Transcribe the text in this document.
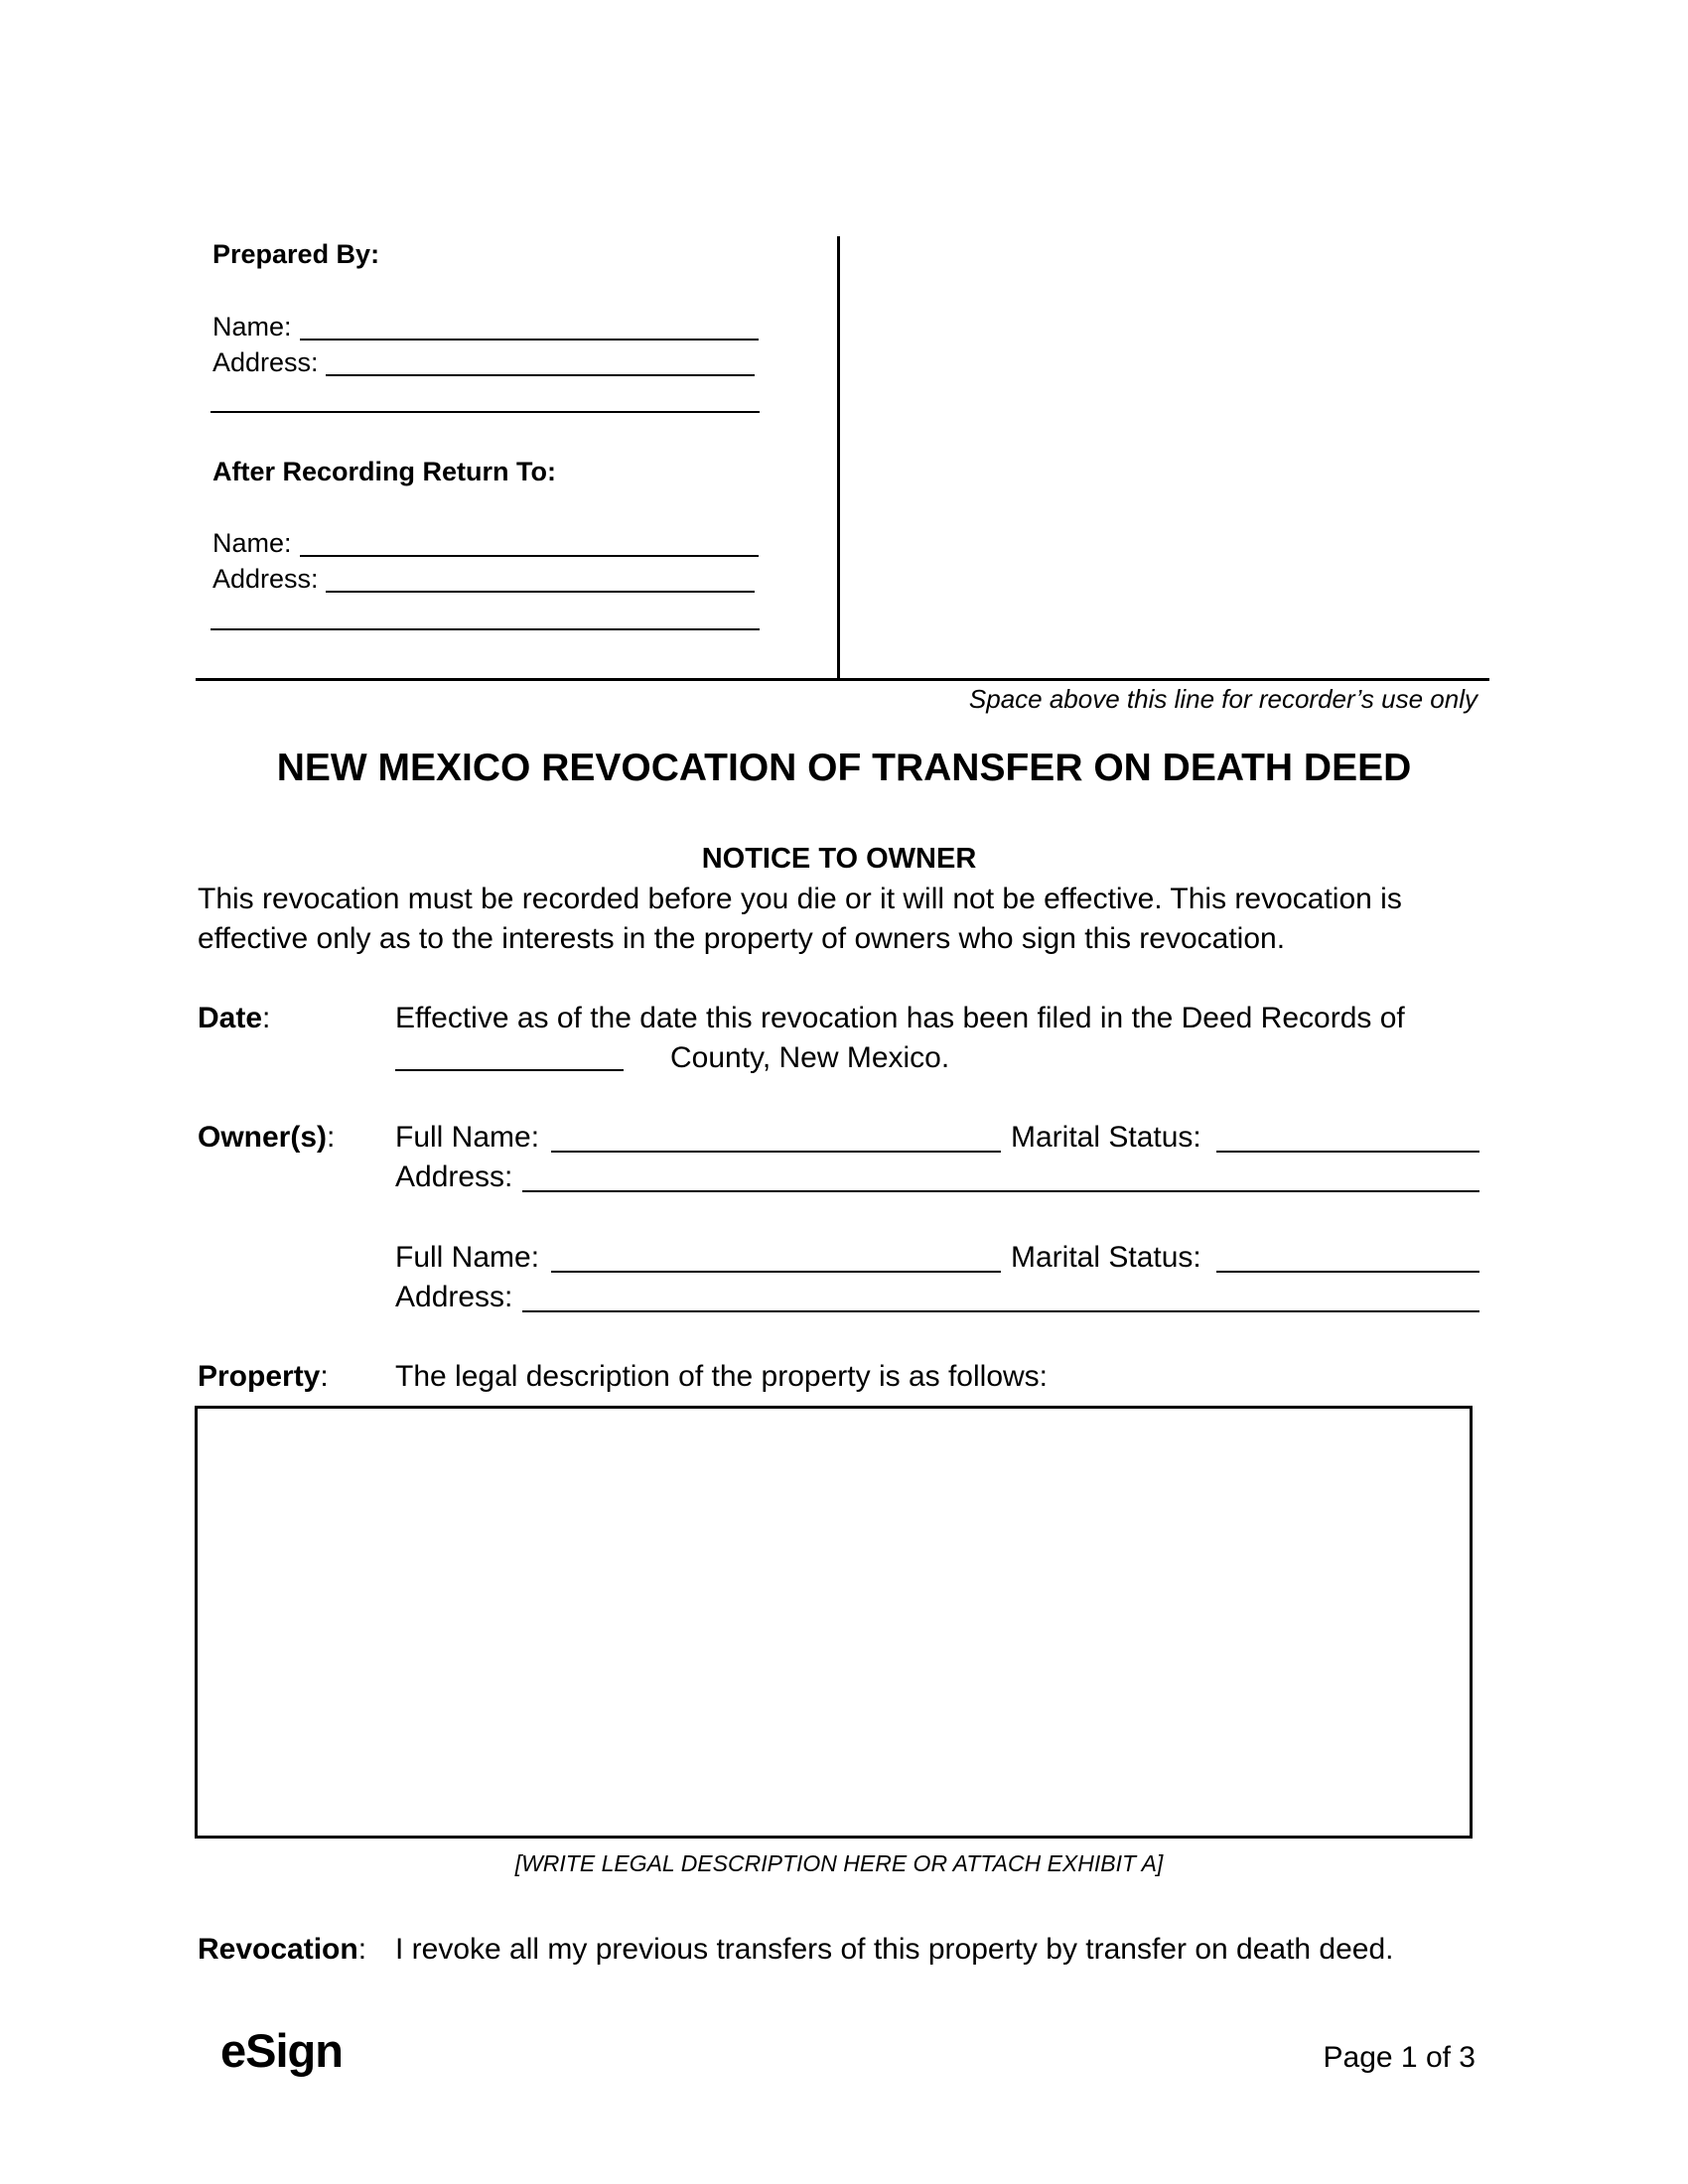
Prepared By:
Name:
Address:
After Recording Return To:
Name:
Address:
Space above this line for recorder’s use only
NEW MEXICO REVOCATION OF TRANSFER ON DEATH DEED
NOTICE TO OWNER
This revocation must be recorded before you die or it will not be effective. This revocation is
effective only as to the interests in the property of owners who sign this revocation.
Date:	Effective as of the date this revocation has been filed in the Deed Records of
County, New Mexico.
Owner(s): Full Name:	Marital Status:
Address:
Full Name:	Marital Status:
Address:
Property: The legal description of the property is as follows:
[WRITE LEGAL DESCRIPTION HERE OR ATTACH EXHIBIT A]
Revocation: I revoke all my previous transfers of this property by transfer on death deed.
eSign	Page 1 of 3
